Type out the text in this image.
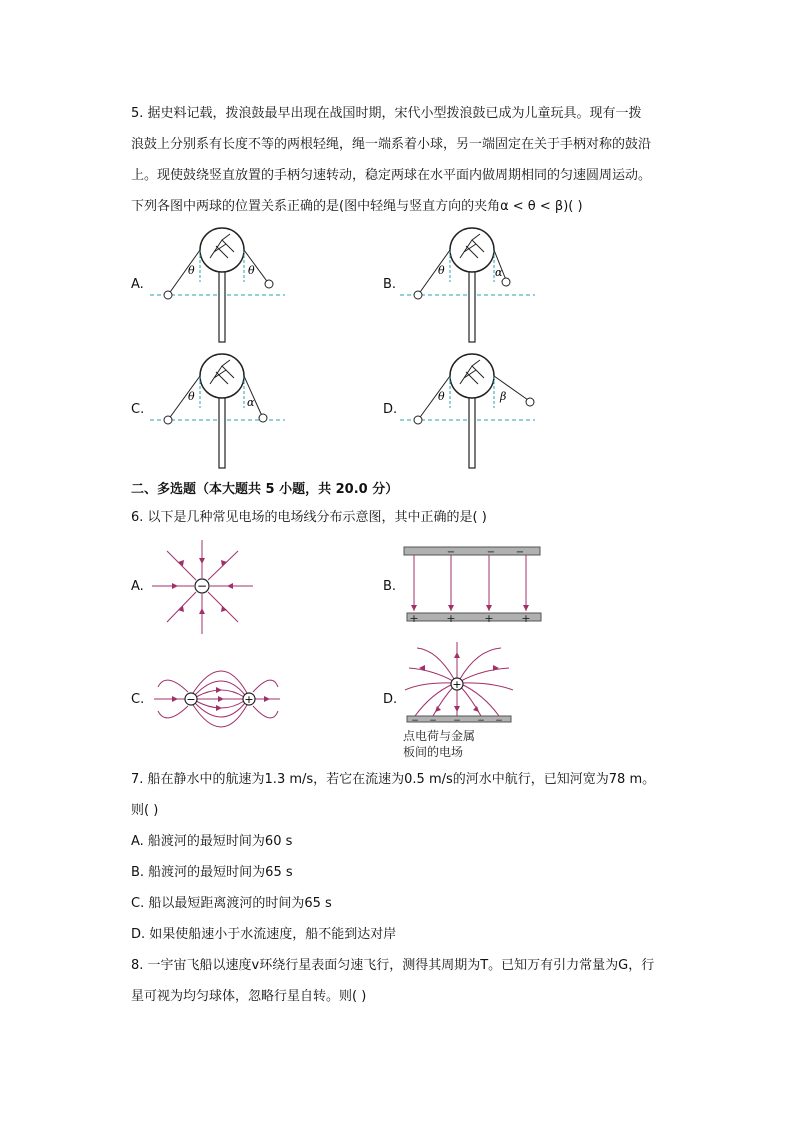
5. 据史料记载，拨浪鼓最早出现在战国时期，宋代小型拨浪鼓已成为儿童玩具。现有一拨
浪鼓上分别系有长度不等的两根轻绳，绳一端系着小球，另一端固定在关于手柄对称的鼓沿
上。现使鼓绕竖直放置的手柄匀速转动，稳定两球在水平面内做周期相同的匀速圆周运动。
下列各图中两球的位置关系正确的是(图中轻绳与竖直方向的夹角α < θ < β)( )
A.	B.
C.	D.
θ	θ	θ	α
θ	α	θ	β
二、多选题（本大题共 5 小题，共 20.0 分）
6. 以下是几种常见电场的电场线分布示意图，其中正确的是( )
A.	B.
C.	D.
−
−	− −
+	+	+	+
−	+
+
− − − − −
点电荷与金属
板间的电场
7. 船在静水中的航速为1.3 m/s，若它在流速为0.5 m/s的河水中航行，已知河宽为78 m。
则( )
A. 船渡河的最短时间为60 s
B. 船渡河的最短时间为65 s
C. 船以最短距离渡河的时间为65 s
D. 如果使船速小于水流速度，船不能到达对岸
8. 一宇宙飞船以速度v环绕行星表面匀速飞行，测得其周期为T。已知万有引力常量为G，行
星可视为均匀球体，忽略行星自转。则( )
